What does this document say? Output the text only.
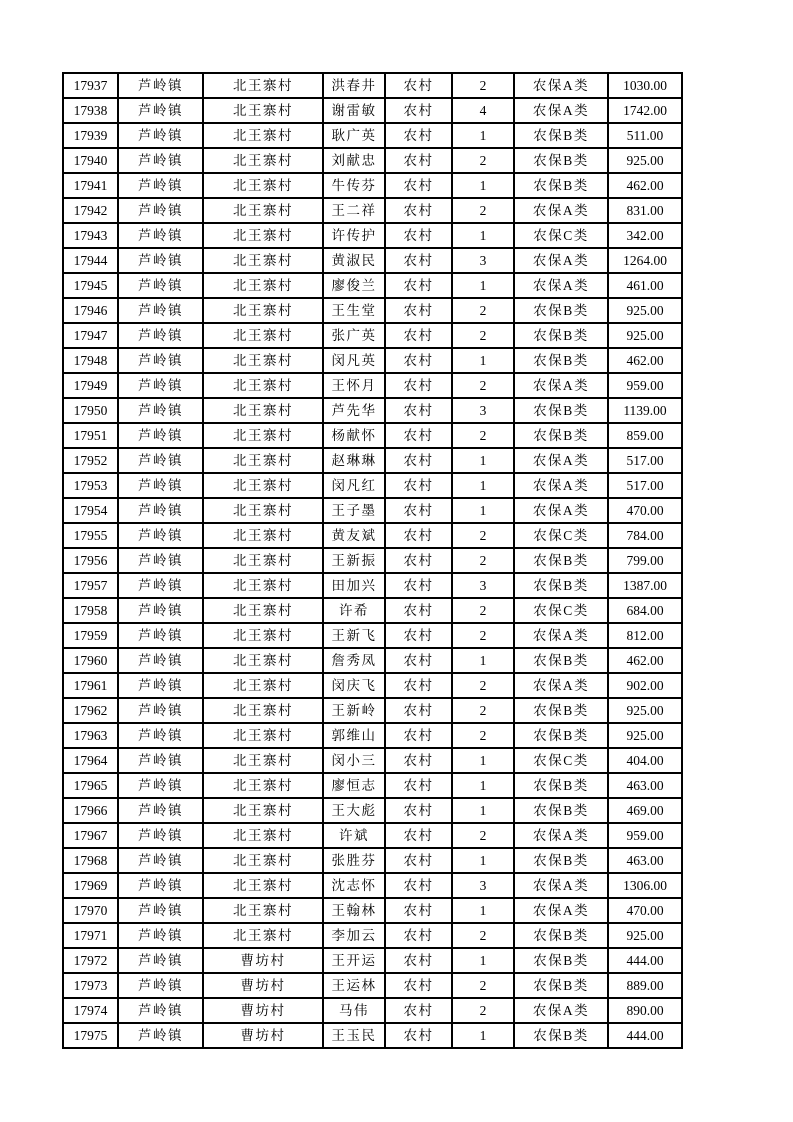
17937	芦岭镇	北王寨村	洪春井	农村	2	农保A类	1030.00
17938	芦岭镇	北王寨村	谢雷敏	农村	4	农保A类	1742.00
17939	芦岭镇	北王寨村	耿广英	农村	1	农保B类	511.00
17940	芦岭镇	北王寨村	刘献忠	农村	2	农保B类	925.00
17941	芦岭镇	北王寨村	牛传芬	农村	1	农保B类	462.00
17942	芦岭镇	北王寨村	王二祥	农村	2	农保A类	831.00
17943	芦岭镇	北王寨村	许传护	农村	1	农保C类	342.00
17944	芦岭镇	北王寨村	黄淑民	农村	3	农保A类	1264.00
17945	芦岭镇	北王寨村	廖俊兰	农村	1	农保A类	461.00
17946	芦岭镇	北王寨村	王生堂	农村	2	农保B类	925.00
17947	芦岭镇	北王寨村	张广英	农村	2	农保B类	925.00
17948	芦岭镇	北王寨村	闵凡英	农村	1	农保B类	462.00
17949	芦岭镇	北王寨村	王怀月	农村	2	农保A类	959.00
17950	芦岭镇	北王寨村	芦先华	农村	3	农保B类	1139.00
17951	芦岭镇	北王寨村	杨献怀	农村	2	农保B类	859.00
17952	芦岭镇	北王寨村	赵琳琳	农村	1	农保A类	517.00
17953	芦岭镇	北王寨村	闵凡红	农村	1	农保A类	517.00
17954	芦岭镇	北王寨村	王子墨	农村	1	农保A类	470.00
17955	芦岭镇	北王寨村	黄友斌	农村	2	农保C类	784.00
17956	芦岭镇	北王寨村	王新振	农村	2	农保B类	799.00
17957	芦岭镇	北王寨村	田加兴	农村	3	农保B类	1387.00
17958	芦岭镇	北王寨村	许希	农村	2	农保C类	684.00
17959	芦岭镇	北王寨村	王新飞	农村	2	农保A类	812.00
17960	芦岭镇	北王寨村	詹秀凤	农村	1	农保B类	462.00
17961	芦岭镇	北王寨村	闵庆飞	农村	2	农保A类	902.00
17962	芦岭镇	北王寨村	王新岭	农村	2	农保B类	925.00
17963	芦岭镇	北王寨村	郭维山	农村	2	农保B类	925.00
17964	芦岭镇	北王寨村	闵小三	农村	1	农保C类	404.00
17965	芦岭镇	北王寨村	廖恒志	农村	1	农保B类	463.00
17966	芦岭镇	北王寨村	王大彪	农村	1	农保B类	469.00
17967	芦岭镇	北王寨村	许斌	农村	2	农保A类	959.00
17968	芦岭镇	北王寨村	张胜芬	农村	1	农保B类	463.00
17969	芦岭镇	北王寨村	沈志怀	农村	3	农保A类	1306.00
17970	芦岭镇	北王寨村	王翰林	农村	1	农保A类	470.00
17971	芦岭镇	北王寨村	李加云	农村	2	农保B类	925.00
17972	芦岭镇	曹坊村	王开运	农村	1	农保B类	444.00
17973	芦岭镇	曹坊村	王运林	农村	2	农保B类	889.00
17974	芦岭镇	曹坊村	马伟	农村	2	农保A类	890.00
17975	芦岭镇	曹坊村	王玉民	农村	1	农保B类	444.00
